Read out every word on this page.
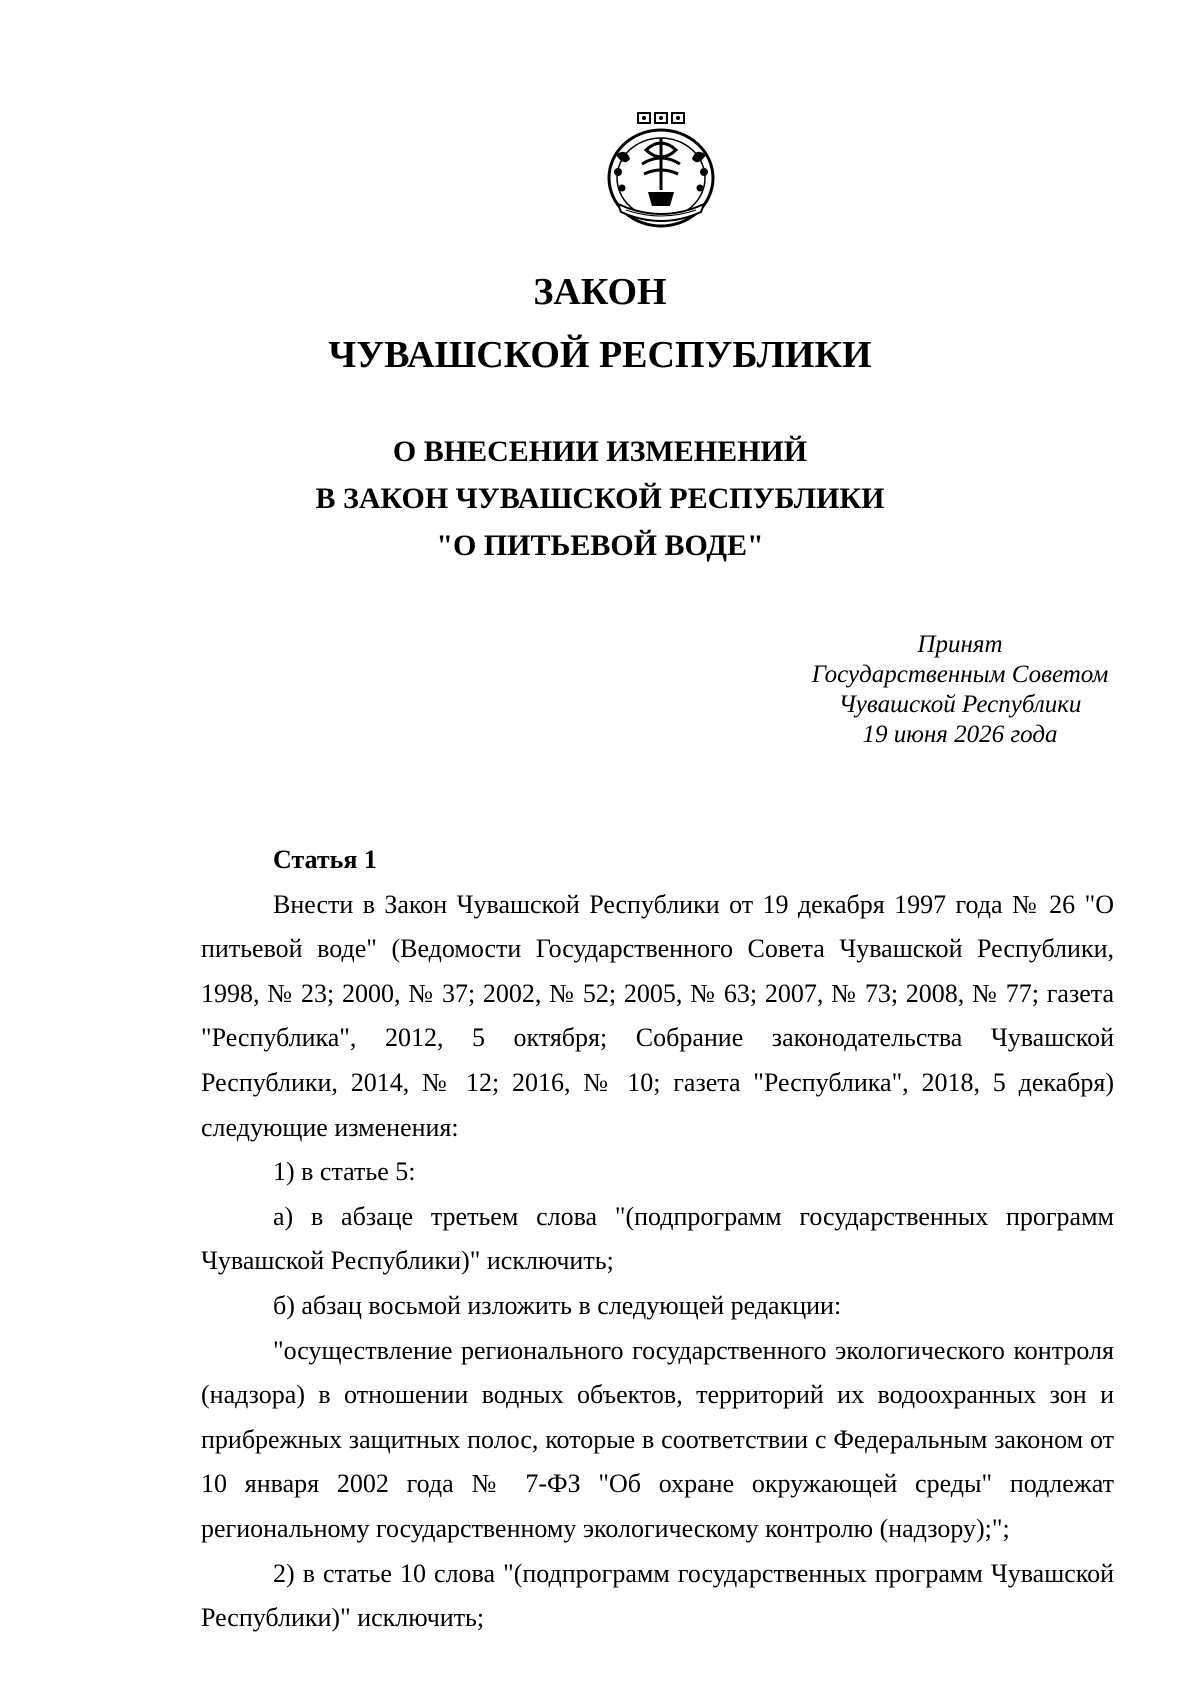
ЗАКОН
ЧУВАШСКОЙ РЕСПУБЛИКИ
О ВНЕСЕНИИ ИЗМЕНЕНИЙ
В ЗАКОН ЧУВАШСКОЙ РЕСПУБЛИКИ
"О ПИТЬЕВОЙ ВОДЕ"
Принят
Государственным Советом
Чувашской Республики
19 июня 2026 года

Статья 1

Внести в Закон Чувашской Республики от 19 декабря 1997 года № 26 "О питьевой воде" (Ведомости Государственного Совета Чувашской Республики, 1998, № 23; 2000, № 37; 2002, № 52; 2005, № 63; 2007, № 73; 2008, № 77; газета "Республика", 2012, 5 октября; Собрание законодательства Чувашской Республики, 2014, № 12; 2016, № 10; газета "Республика", 2018, 5 декабря) следующие изменения:

1) в статье 5:

а) в абзаце третьем слова "(подпрограмм государственных программ Чувашской Республики)" исключить;

б) абзац восьмой изложить в следующей редакции:

"осуществление регионального государственного экологического контроля (надзора) в отношении водных объектов, территорий их водоохранных зон и прибрежных защитных полос, которые в соответствии с Федеральным законом от 10 января 2002 года № 7-ФЗ "Об охране окружающей среды" подлежат региональному государственному экологическому контролю (надзору);";

2) в статье 10 слова "(подпрограмм государственных программ Чувашской Республики)" исключить;
